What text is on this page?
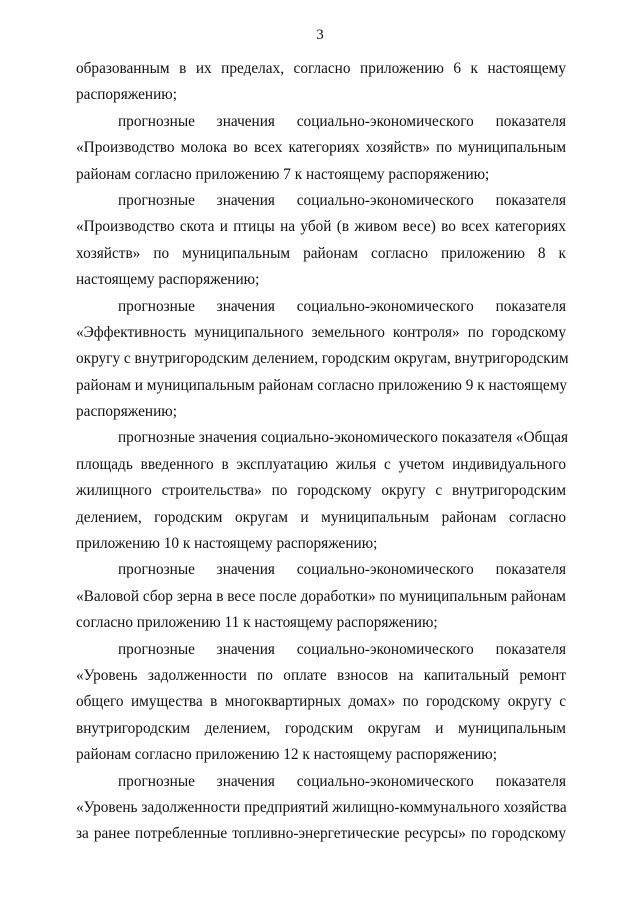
3
образованным в их пределах, согласно приложению 6 к настоящему
распоряжению;
прогнозные значения социально-экономического показателя
«Производство молока во всех категориях хозяйств» по муниципальным
районам согласно приложению 7 к настоящему распоряжению;
прогнозные значения социально-экономического показателя
«Производство скота и птицы на убой (в живом весе) во всех категориях
хозяйств» по муниципальным районам согласно приложению 8 к
настоящему распоряжению;
прогнозные значения социально-экономического показателя
«Эффективность муниципального земельного контроля» по городскому
округу с внутригородским делением, городским округам, внутригородским
районам и муниципальным районам согласно приложению 9 к настоящему
распоряжению;
прогнозные значения социально-экономического показателя «Общая
площадь введенного в эксплуатацию жилья с учетом индивидуального
жилищного строительства» по городскому округу с внутригородским
делением, городским округам и муниципальным районам согласно
приложению 10 к настоящему распоряжению;
прогнозные значения социально-экономического показателя
«Валовой сбор зерна в весе после доработки» по муниципальным районам
согласно приложению 11 к настоящему распоряжению;
прогнозные значения социально-экономического показателя
«Уровень задолженности по оплате взносов на капитальный ремонт
общего имущества в многоквартирных домах» по городскому округу с
внутригородским делением, городским округам и муниципальным
районам согласно приложению 12 к настоящему распоряжению;
прогнозные значения социально-экономического показателя
«Уровень задолженности предприятий жилищно-коммунального хозяйства
за ранее потребленные топливно-энергетические ресурсы» по городскому
